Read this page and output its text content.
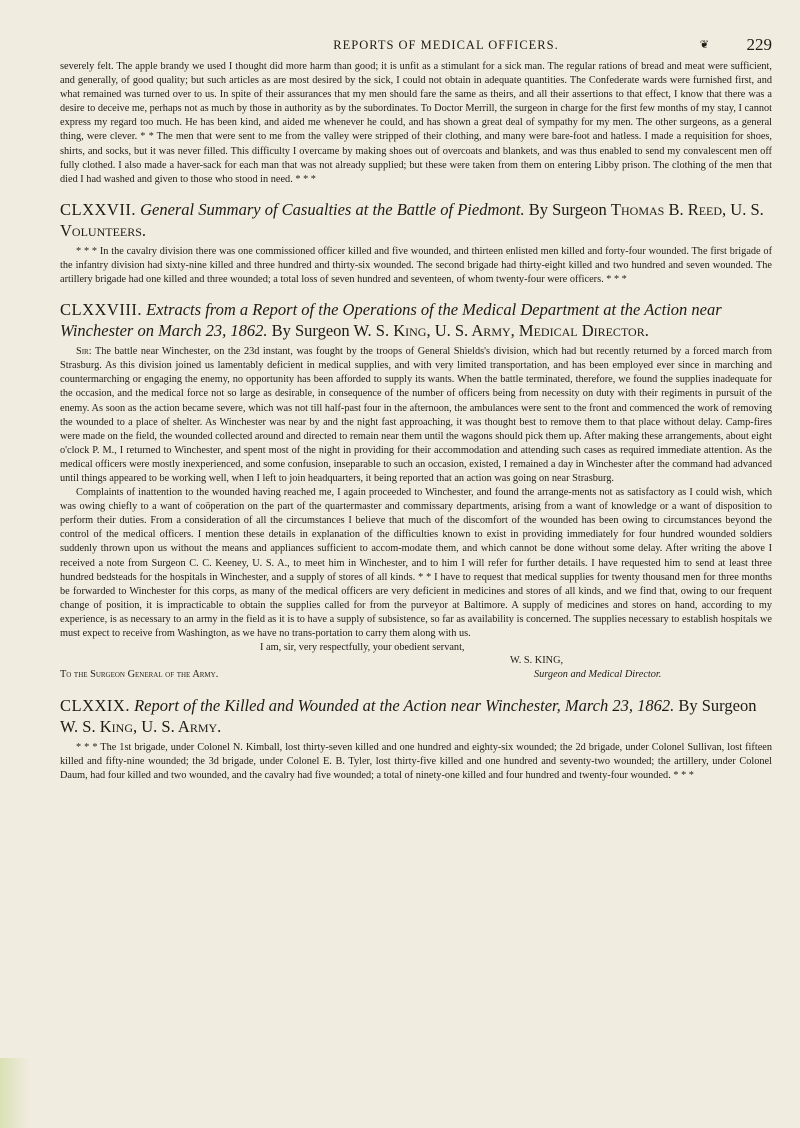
REPORTS OF MEDICAL OFFICERS.	❦ 229

severely felt. The apple brandy we used I thought did more harm than good; it is unfit as a stimulant for a sick man. The regular rations of bread and meat were sufficient, and generally, of good quality; but such articles as are most desired by the sick, I could not obtain in adequate quantities. The Confederate wards were furnished first, and what remained was turned over to us. In spite of their assurances that my men should fare the same as theirs, and all their assertions to that effect, I know that there was a desire to deceive me, perhaps not as much by those in authority as by the subordinates. To Doctor Merrill, the surgeon in charge for the first few months of my stay, I cannot express my regard too much. He has been kind, and aided me whenever he could, and has shown a great deal of sympathy for my men. The other surgeons, as a general thing, were clever. * * The men that were sent to me from the valley were stripped of their clothing, and many were bare-foot and hatless. I made a requisition for shoes, shirts, and socks, but it was never filled. This difficulty I overcame by making shoes out of overcoats and blankets, and was thus enabled to send my convalescent men off fully clothed. I also made a haver-sack for each man that was not already supplied; but these were taken from them on entering Libby prison. The clothing of the men that died I had washed and given to those who stood in need. * * *

CLXXVII. General Summary of Casualties at the Battle of Piedmont. By Surgeon Thomas B. Reed, U. S. Volunteers.

* * * In the cavalry division there was one commissioned officer killed and five wounded, and thirteen enlisted men killed and forty-four wounded. The first brigade of the infantry division had sixty-nine killed and three hundred and thirty-six wounded. The second brigade had thirty-eight killed and two hundred and seven wounded. The artillery brigade had one killed and three wounded; a total loss of seven hundred and seventeen, of whom twenty-four were officers. * * *

CLXXVIII. Extracts from a Report of the Operations of the Medical Department at the Action near Winchester on March 23, 1862. By Surgeon W. S. King, U. S. Army, Medical Director.

Sir: The battle near Winchester, on the 23d instant, was fought by the troops of General Shields's division, which had but recently returned by a forced march from Strasburg. As this division joined us lamentably deficient in medical supplies, and with very limited transportation, and has been employed ever since in marching and countermarching or engaging the enemy, no opportunity has been afforded to supply its wants. When the battle terminated, therefore, we found the supplies inadequate for the occasion, and the medical force not so large as desirable, in consequence of the number of officers being from necessity on duty with their regiments in pursuit of the enemy. As soon as the action became severe, which was not till half-past four in the afternoon, the ambulances were sent to the front and commenced the work of removing the wounded to a place of shelter. As Winchester was near by and the night fast approaching, it was thought best to remove them to that place without delay. Camp-fires were made on the field, the wounded collected around and directed to remain near them until the wagons should pick them up. After making these arrangements, about eight o'clock P. M., I returned to Winchester, and spent most of the night in providing for their accommodation and attending such cases as required immediate attention. As the medical officers were mostly inexperienced, and some confusion, inseparable to such an occasion, existed, I remained a day in Winchester after the command had advanced until things appeared to be working well, when I left to join headquarters, it being reported that an action was going on near Strasburg.

Complaints of inattention to the wounded having reached me, I again proceeded to Winchester, and found the arrange-ments not as satisfactory as I could wish, which was owing chiefly to a want of coöperation on the part of the quartermaster and commissary departments, arising from a want of knowledge or a want of disposition to perform their duties. From a consideration of all the circumstances I believe that much of the discomfort of the wounded has been owing to circumstances beyond the control of the medical officers. I mention these details in explanation of the difficulties known to exist in providing immediately for four hundred wounded soldiers suddenly thrown upon us without the means and appliances sufficient to accom-modate them, and which cannot be done without some delay. After writing the above I received a note from Surgeon C. C. Keeney, U. S. A., to meet him in Winchester, and to him I will refer for further details. I have requested him to send at least three hundred bedsteads for the hospitals in Winchester, and a supply of stores of all kinds. * * I have to request that medical supplies for twenty thousand men for three months be forwarded to Winchester for this corps, as many of the medical officers are very deficient in medicines and stores of all kinds, and we find that, owing to our frequent change of position, it is impracticable to obtain the supplies called for from the purveyor at Baltimore. A supply of medicines and stores on hand, according to my experience, is as necessary to an army in the field as it is to have a supply of subsistence, so far as availability is concerned. The supplies necessary to establish hospitals we must expect to receive from Washington, as we have no trans-portation to carry them along with us.

I am, sir, very respectfully, your obedient servant,

W. S. KING,
To the Surgeon General of the Army.	Surgeon and Medical Director.
CLXXIX. Report of the Killed and Wounded at the Action near Winchester, March 23, 1862. By Surgeon W. S. King, U. S. Army.

* * * The 1st brigade, under Colonel N. Kimball, lost thirty-seven killed and one hundred and eighty-six wounded; the 2d brigade, under Colonel Sullivan, lost fifteen killed and fifty-nine wounded; the 3d brigade, under Colonel E. B. Tyler, lost thirty-five killed and one hundred and seventy-two wounded; the artillery, under Colonel Daum, had four killed and two wounded, and the cavalry had five wounded; a total of ninety-one killed and four hundred and twenty-four wounded. * * *
